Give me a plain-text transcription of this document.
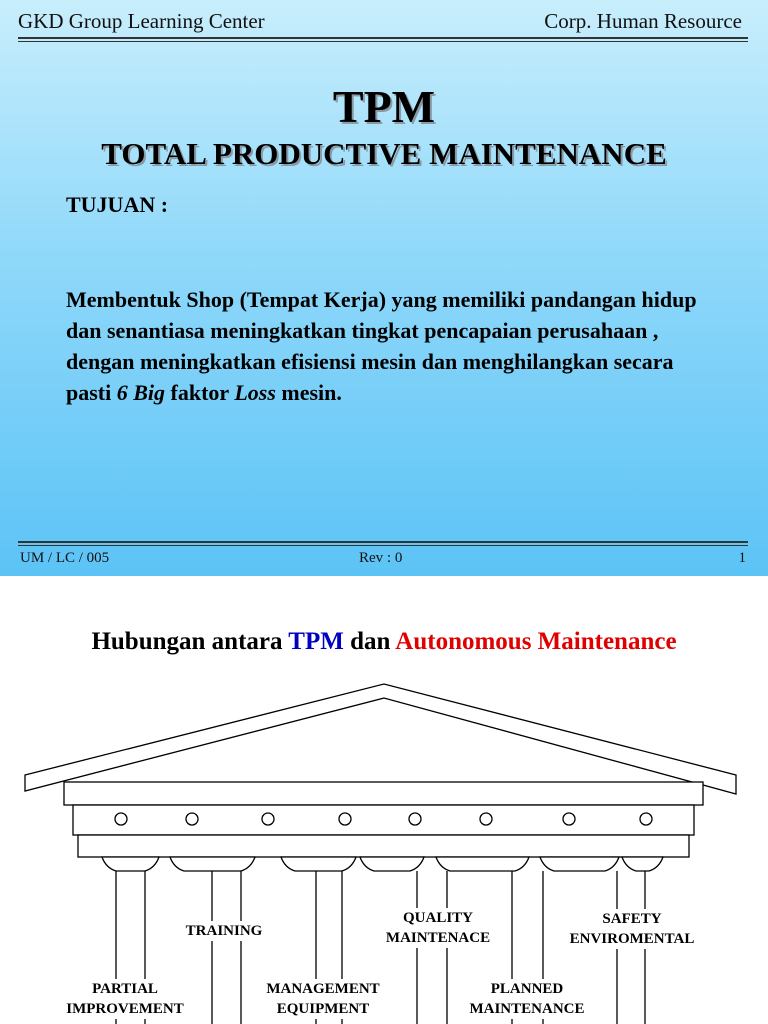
GKD Group Learning Center	Corp. Human Resource
TPM
TOTAL PRODUCTIVE MAINTENANCE
TUJUAN :

Membentuk Shop (Tempat Kerja) yang memiliki pandangan hidup dan senantiasa meningkatkan tingkat pencapaian perusahaan , dengan meningkatkan efisiensi mesin dan menghilangkan secara pasti 6 Big faktor Loss mesin.

UM / LC / 005	Rev : 0	1
Hubungan antara TPM dan Autonomous Maintenance
TRAINING
QUALITY
MAINTENACE
SAFETY
ENVIROMENTAL
PARTIAL
IMPROVEMENT
MANAGEMENT
EQUIPMENT
PLANNED
MAINTENANCE
